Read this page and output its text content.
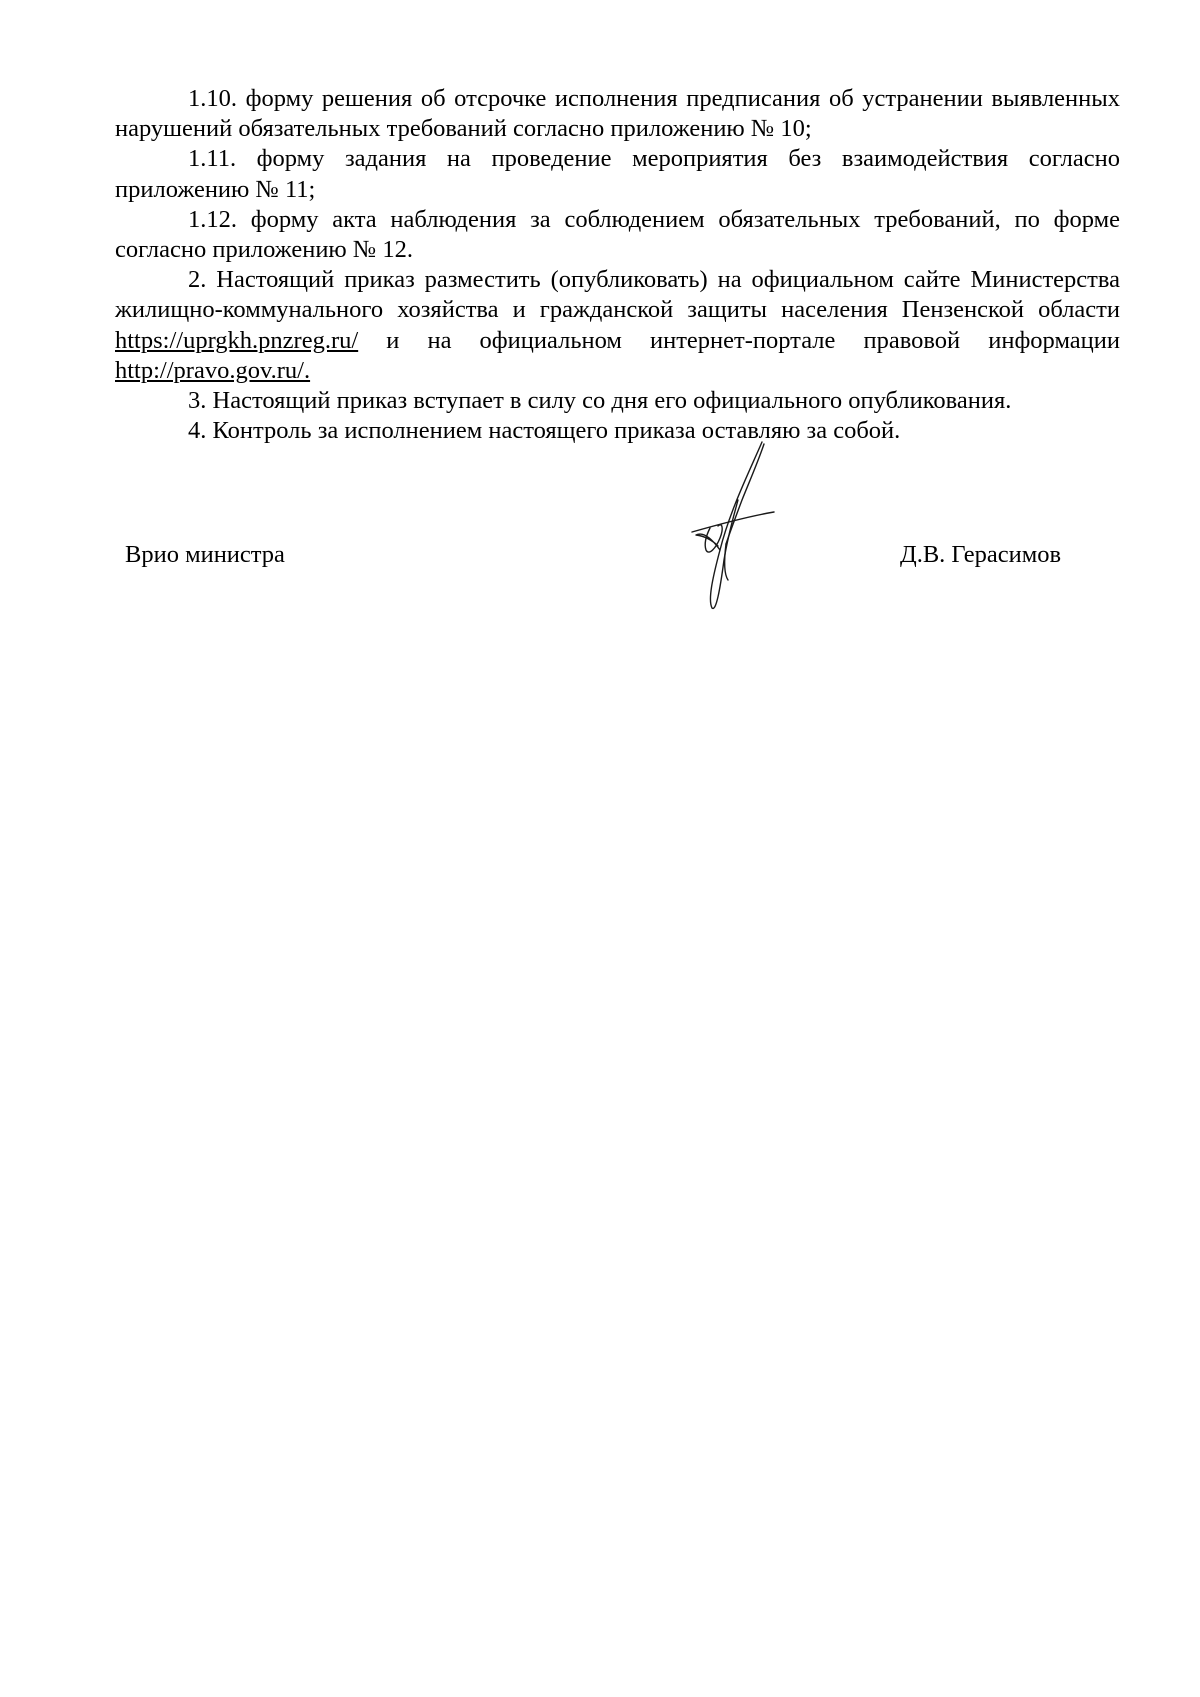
1.10. форму решения об отсрочке исполнения предписания об устранении выявленных нарушений обязательных требований согласно приложению № 10;

1.11. форму задания на проведение мероприятия без взаимодействия согласно приложению № 11;

1.12. форму акта наблюдения за соблюдением обязательных требований, по форме согласно приложению № 12.

2. Настоящий приказ разместить (опубликовать) на официальном сайте Министерства жилищно-коммунального хозяйства и гражданской защиты населения Пензенской области https://uprgkh.pnzreg.ru/ и на официальном интернет-портале правовой информации http://pravo.gov.ru/.

3. Настоящий приказ вступает в силу со дня его официального опубликования.

4. Контроль за исполнением настоящего приказа оставляю за собой.

Врио министра	Д.В. Герасимов
